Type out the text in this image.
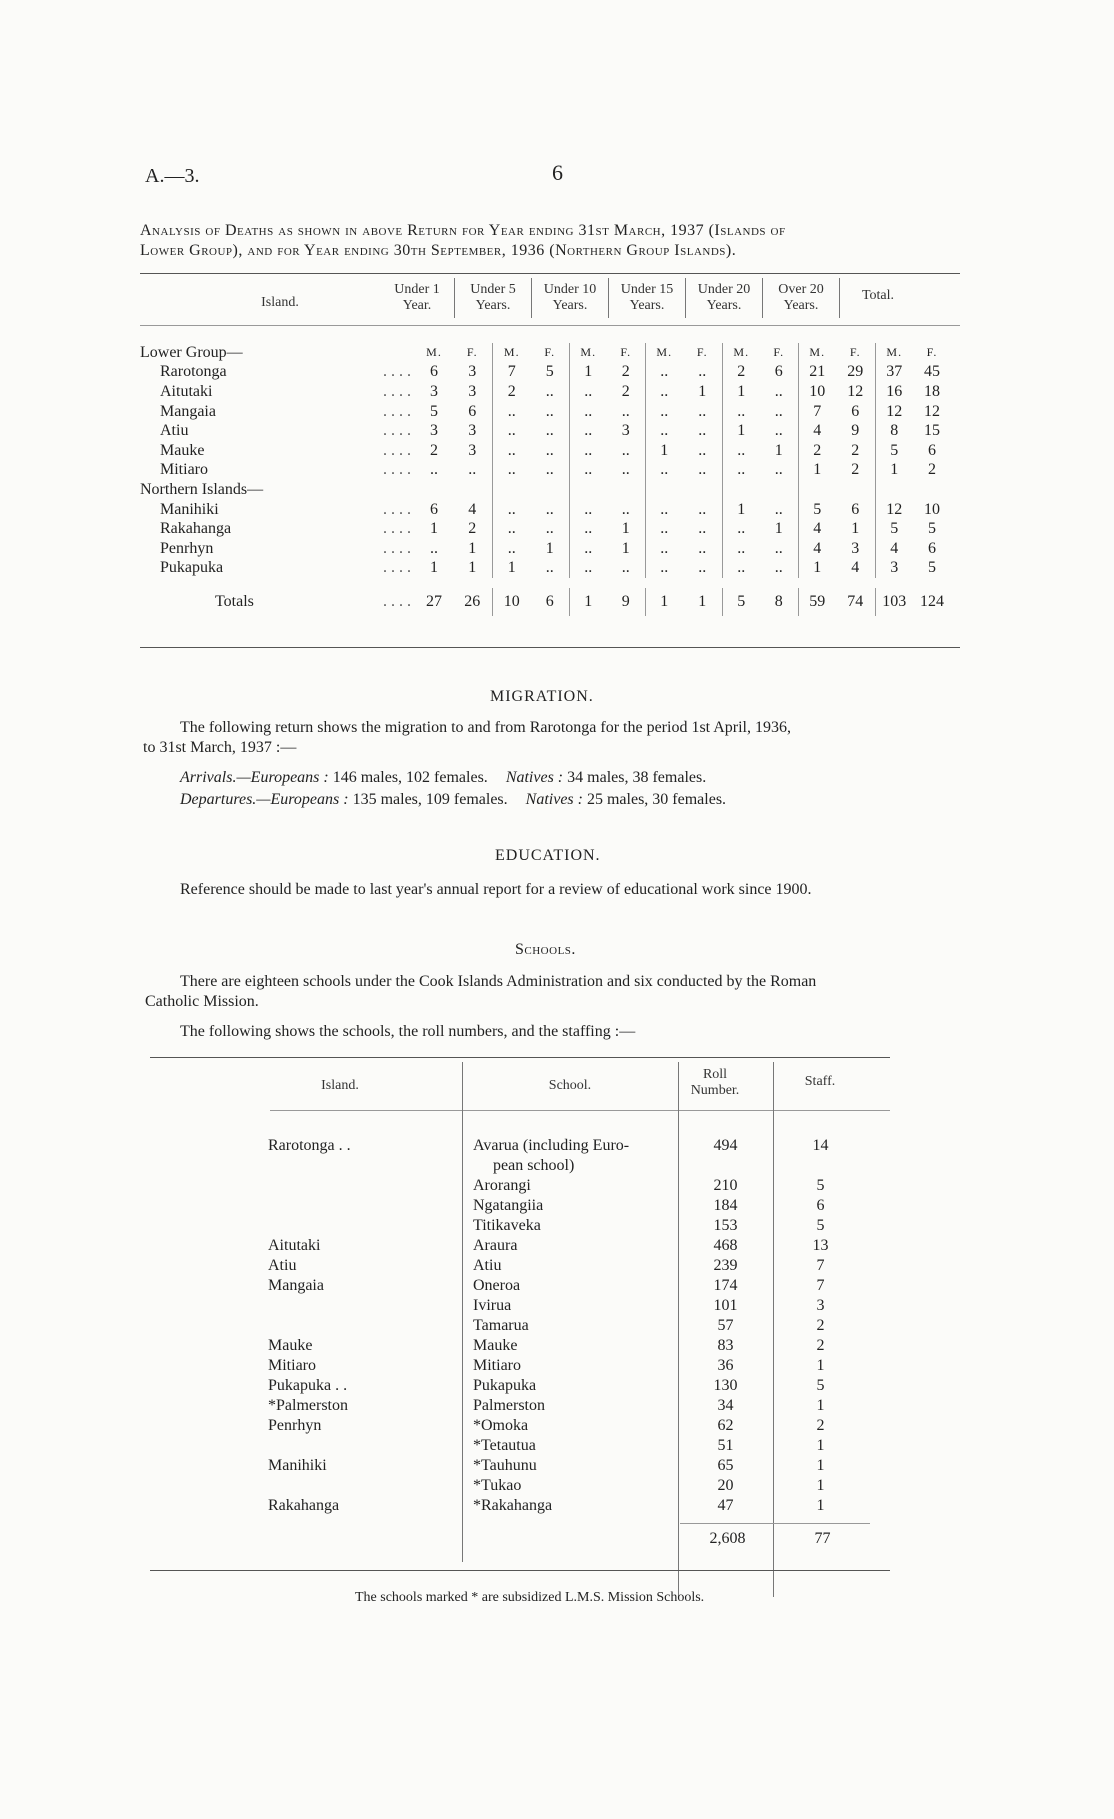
A.—3.	6
Analysis of Deaths as shown in above Return for Year ending 31st March, 1937 (Islands of
Lower Group), and for Year ending 30th September, 1936 (Northern Group Islands).
Island.
Under 1
Year.
Under 5
Years.
Under 10
Years.
Under 15
Years.
Under 20
Years.
Over 20
Years.
Total.
Lower Group—		M.	F.	M.	F.	M.	F.	M.	F.	M.	F.	M.	F.	M.	F.
Rarotonga	. . . .	6	3	7	5	1	2	..	..	2	6	21	29	37	45
Aitutaki	. . . .	3	3	2	..	..	2	..	1	1	..	10	12	16	18
Mangaia	. . . .	5	6	..	..	..	..	..	..	..	..	7	6	12	12
Atiu	. . . .	3	3	..	..	..	3	..	..	1	..	4	9	8	15
Mauke	. . . .	2	3	..	..	..	..	1	..	..	1	2	2	5	6
Mitiaro	. . . .	..	..	..	..	..	..	..	..	..	..	1	2	1	2
Northern Islands—															
Manihiki	. . . .	6	4	..	..	..	..	..	..	1	..	5	6	12	10
Rakahanga	. . . .	1	2	..	..	..	1	..	..	..	1	4	1	5	5
Penrhyn	. . . .	..	1	..	1	..	1	..	..	..	..	4	3	4	6
Pukapuka	. . . .	1	1	1	..	..	..	..	..	..	..	1	4	3	5

Totals	. . . .	27	26	10	6	1	9	1	1	5	8	59	74	103	124
MIGRATION.
The following return shows the migration to and from Rarotonga for the period 1st April, 1936,
to 31st March, 1937 :—
Arrivals.—Europeans : 146 males, 102 females. Natives : 34 males, 38 females.
Departures.—Europeans : 135 males, 109 females. Natives : 25 males, 30 females.
EDUCATION.
Reference should be made to last year's annual report for a review of educational work since 1900.
Schools.
There are eighteen schools under the Cook Islands Administration and six conducted by the Roman
Catholic Mission.
The following shows the schools, the roll numbers, and the staffing :—
Island.	School.
Roll
Number.
Staff.
Rarotonga . .	Avarua (including Euro-	494	14
	pean school)		
	Arorangi	210	5
	Ngatangiia	184	6
	Titikaveka	153	5
Aitutaki	Araura	468	13
Atiu	Atiu	239	7
Mangaia	Oneroa	174	7
	Ivirua	101	3
	Tamarua	57	2
Mauke	Mauke	83	2
Mitiaro	Mitiaro	36	1
Pukapuka . .	Pukapuka	130	5
*Palmerston	Palmerston	34	1
Penrhyn	*Omoka	62	2
	*Tetautua	51	1
Manihiki	*Tauhunu	65	1
	*Tukao	20	1
Rakahanga	*Rakahanga	47	1
2,608	77
The schools marked * are subsidized L.M.S. Mission Schools.
